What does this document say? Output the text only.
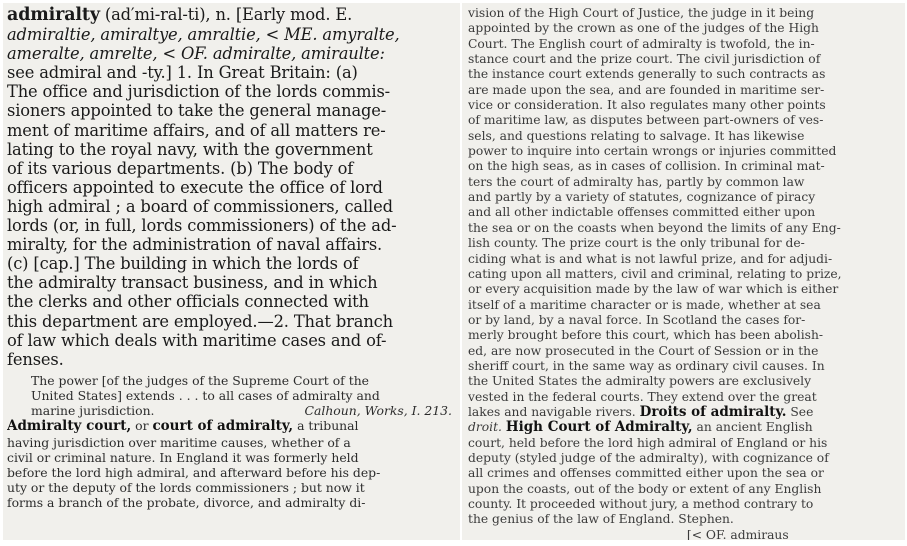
admiralty (ad′mi-ral-ti), n. [Early mod. E.
admiraltie, amiraltye, amraltie, < ME. amyralte,
ameralte, amrelte, < OF. admiralte, amiraulte:
see admiral and -ty.] 1. In Great Britain: (a)
The office and jurisdiction of the lords commis-
sioners appointed to take the general manage-
ment of maritime affairs, and of all matters re-
lating to the royal navy, with the government
of its various departments. (b) The body of
officers appointed to execute the office of lord
high admiral ; a board of commissioners, called
lords (or, in full, lords commissioners) of the ad-
miralty, for the administration of naval affairs.
(c) [cap.] The building in which the lords of
the admiralty transact business, and in which
the clerks and other officials connected with
this department are employed.—2. That branch
of law which deals with maritime cases and of-
fenses.
The power [of the judges of the Supreme Court of the
United States] extends . . . to all cases of admiralty and
marine jurisdiction.	Calhoun, Works, I. 213.
Admiralty court, or court of admiralty, a tribunal
having jurisdiction over maritime causes, whether of a
civil or criminal nature. In England it was formerly held
before the lord high admiral, and afterward before his dep-
uty or the deputy of the lords commissioners ; but now it
forms a branch of the probate, divorce, and admiralty di-
vision of the High Court of Justice, the judge in it being
appointed by the crown as one of the judges of the High
Court. The English court of admiralty is twofold, the in-
stance court and the prize court. The civil jurisdiction of
the instance court extends generally to such contracts as
are made upon the sea, and are founded in maritime ser-
vice or consideration. It also regulates many other points
of maritime law, as disputes between part-owners of ves-
sels, and questions relating to salvage. It has likewise
power to inquire into certain wrongs or injuries committed
on the high seas, as in cases of collision. In criminal mat-
ters the court of admiralty has, partly by common law
and partly by a variety of statutes, cognizance of piracy
and all other indictable offenses committed either upon
the sea or on the coasts when beyond the limits of any Eng-
lish county. The prize court is the only tribunal for de-
ciding what is and what is not lawful prize, and for adjudi-
cating upon all matters, civil and criminal, relating to prize,
or every acquisition made by the law of war which is either
itself of a maritime character or is made, whether at sea
or by land, by a naval force. In Scotland the cases for-
merly brought before this court, which has been abolish-
ed, are now prosecuted in the Court of Session or in the
sheriff court, in the same way as ordinary civil causes. In
the United States the admiralty powers are exclusively
vested in the federal courts. They extend over the great
lakes and navigable rivers. Droits of admiralty. See
droit. High Court of Admiralty, an ancient English
court, held before the lord high admiral of England or his
deputy (styled judge of the admiralty), with cognizance of
all crimes and offenses committed either upon the sea or
upon the coasts, out of the body or extent of any English
county. It proceeded without jury, a method contrary to
the genius of the law of England. Stephen.
[< OF. admiraus
